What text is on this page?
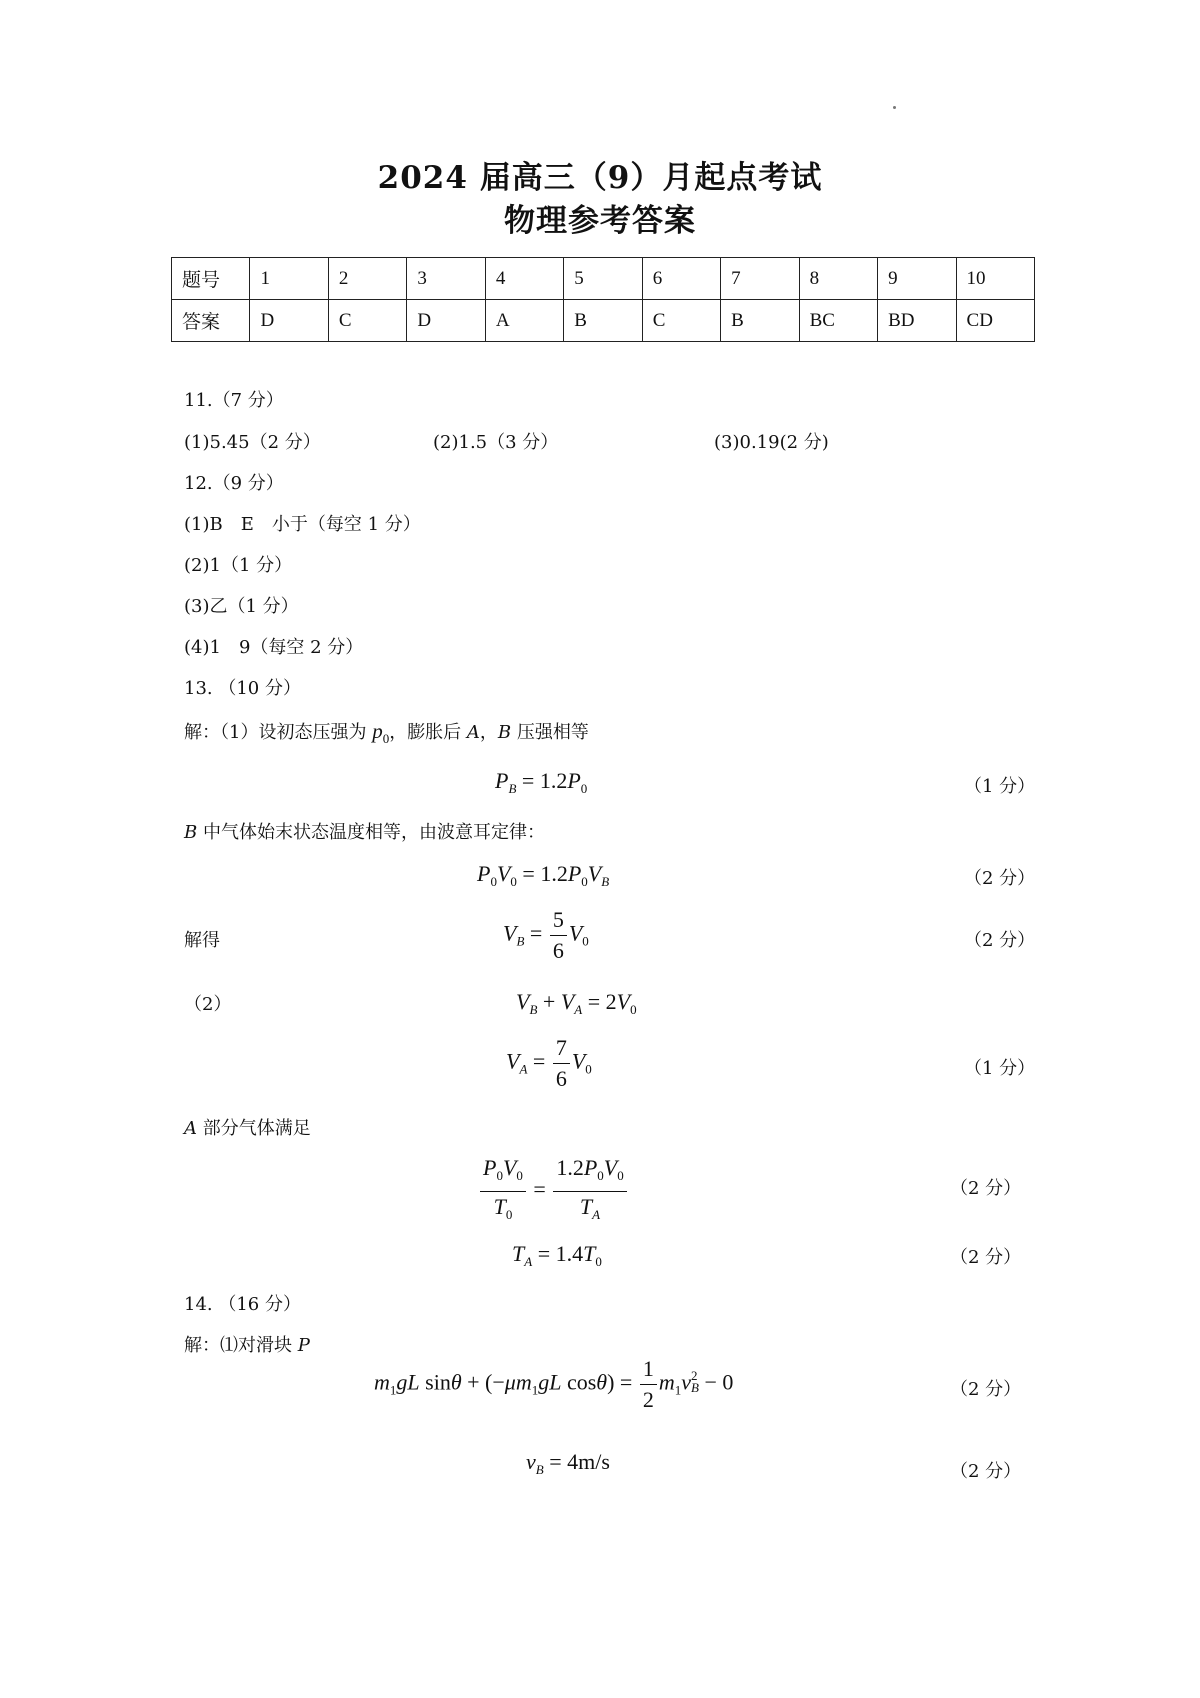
2024 届高三（9）月起点考试
物理参考答案
题号	1	2	3	4	5	6	7	8	9	10
答案	D	C	D	A	B	C	B	BC	BD	CD
11.（7 分）
(1)5.45（2 分）	(2)1.5（3 分）	(3)0.19(2 分)
12.（9 分）
(1)B　E　小于（每空 1 分）
(2)1（1 分）
(3)乙（1 分）
(4)1　9（每空 2 分）
13. （10 分）
解：（1）设初态压强为 $p_0$，膨胀后 A，B 压强相等
$P_B = 1.2P_0$	（1 分）
B 中气体始末状态温度相等，由波意耳定律：
$P_0V_0 = 1.2P_0V_B$	（2 分）
解得	$V_B = \frac{5}{6} V_0$	（2 分）
（2）	$V_B + V_A = 2V_0$
$V_A = \frac{7}{6} V_0$	（1 分）
A 部分气体满足
$\frac{P_0V_0}{T_0} = \frac{1.2P_0V_0}{T_A}$	（2 分）
$T_A = 1.4T_0$	（2 分）
14. （16 分）
解：⑴对滑块 P
$m_1gL$ $\sin\theta + (-\mu m_1gL$ $\cos\theta) = \frac{1}{2} m_1v$ 2
B − 0	（2 分）
$v_B = 4m/s$	（2 分）
